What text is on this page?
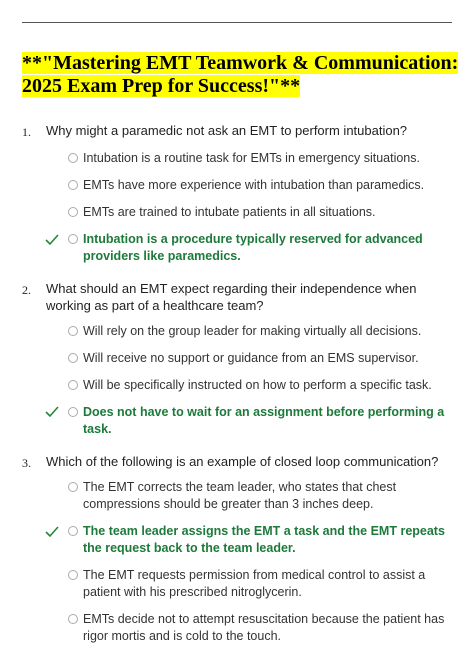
**"Mastering EMT Teamwork & Communication: 2025 Exam Prep for Success!"**
1. Why might a paramedic not ask an EMT to perform intubation?
Intubation is a routine task for EMTs in emergency situations.
EMTs have more experience with intubation than paramedics.
EMTs are trained to intubate patients in all situations.
Intubation is a procedure typically reserved for advanced providers like paramedics.
2. What should an EMT expect regarding their independence when working as part of a healthcare team?
Will rely on the group leader for making virtually all decisions.
Will receive no support or guidance from an EMS supervisor.
Will be specifically instructed on how to perform a specific task.
Does not have to wait for an assignment before performing a task.
3. Which of the following is an example of closed loop communication?
The EMT corrects the team leader, who states that chest compressions should be greater than 3 inches deep.
The team leader assigns the EMT a task and the EMT repeats the request back to the team leader.
The EMT requests permission from medical control to assist a patient with his prescribed nitroglycerin.
EMTs decide not to attempt resuscitation because the patient has rigor mortis and is cold to the touch.
